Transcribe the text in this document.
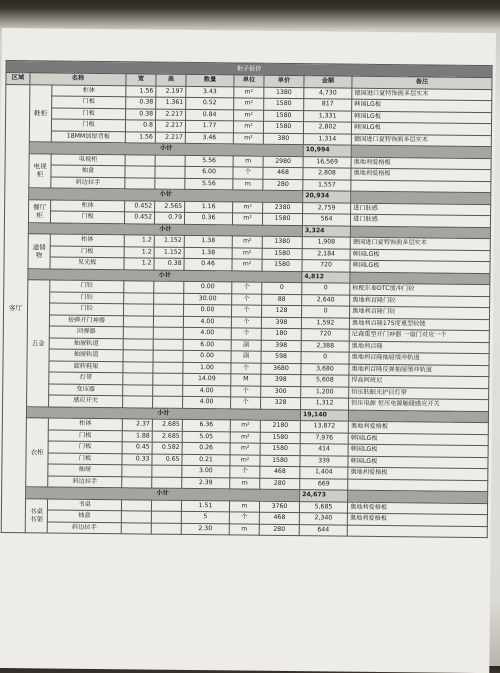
柜子报价									
区域	名称		宽	高	数量	单位	单价	金额	备注
客厅	鞋柜	柜体	1.56	2.197	3.43	m²	1380	4,730	德国进口夏特饰面多层实木
		门板	0.38	1.361	0.52	m²	1580	817	韩国LG板
		门板	0.38	2.217	0.84	m²	1580	1,331	韩国LG板
		门板	0.8	2.217	1.77	m²	1580	2,802	韩国LG板
		18MM加厚背板	1.56	2.217	3.46	m²	380	1,314	德国进口夏特饰面多层实木
	小计							10,994	
	电视柜	电视柜			5.56	m	2980	16,569	奥地利爱格板
		抽盒			6.00	个	468	2,808	奥地利爱格板
		斜边拉手			5.56	m	280	1,557	
	小计							20,934	
	餐厅柜	柜体	0.452	2.565	1.16	m²	2380	2,759	进口肤感
		门板	0.452	0.79	0.36	m²	1580	564	进口肤感
	小计							3,324	
	道储物	柜体	1.2	1.152	1.38	m²	1380	1,908	德国进口夏特饰面多层实木
		门板	1.2	1.152	1.38	m²	1580	2,184	韩国LG板
		见光板	1.2	0.38	0.46	m²	1580	720	韩国LG板
	小计							4,812	
	五金	门铰			0.00	个	0	0	标配东泰DTC缓冲门铰
		门铰			30.00	个	88	2,640	奥地利百隆门铰
		门铰			0.00	个	128	0	奥地利百隆门铰
		按弹开门神器			4.00	个	398	1,592	奥地利百隆175度重型铰链
		回弹器			4.00	个	180	720	尼森重型开门神器 一扇门对应一个
		抽屉轨道			6.00	副	398	2,388	奥地利百隆
		抽屉轨道			0.00	副	598	0	奥地利百隆抽屉缓冲轨道
		旋转鞋架			1.00	个	3680	3,680	奥地利百隆反弹抽屉缓冲轨道
		灯带			14.09	M	398	5,608	悍高阿班尼
		变压器			4.00	个	300	1,200	恒压肤眼光护目灯带
		感应开关			4.00	个	328	1,312	恒压电源 恒压电源触碰感应开关
	小计							19,140	
	衣柜	柜体	2.37	2.685	6.36	m²	2180	13,872	奥地利爱格板
		门板	1.88	2.685	5.05	m²	1580	7,976	韩国LG板
		门板	0.45	0.582	0.26	m²	1580	414	韩国LG板
		门板	0.33	0.65	0.21	m²	1580	339	韩国LG板
		抽屉			3.00	个	468	1,404	奥地利爱格板
		斜边拉手			2.39	m	280	669	
	小计							24,673	
	书桌书架	书桌			1.51	m	3760	5,685	奥地利爱格板
		抽盒			5	个	468	2,340	奥地利爱格板
		斜边拉手			2.30	m	280	644	
